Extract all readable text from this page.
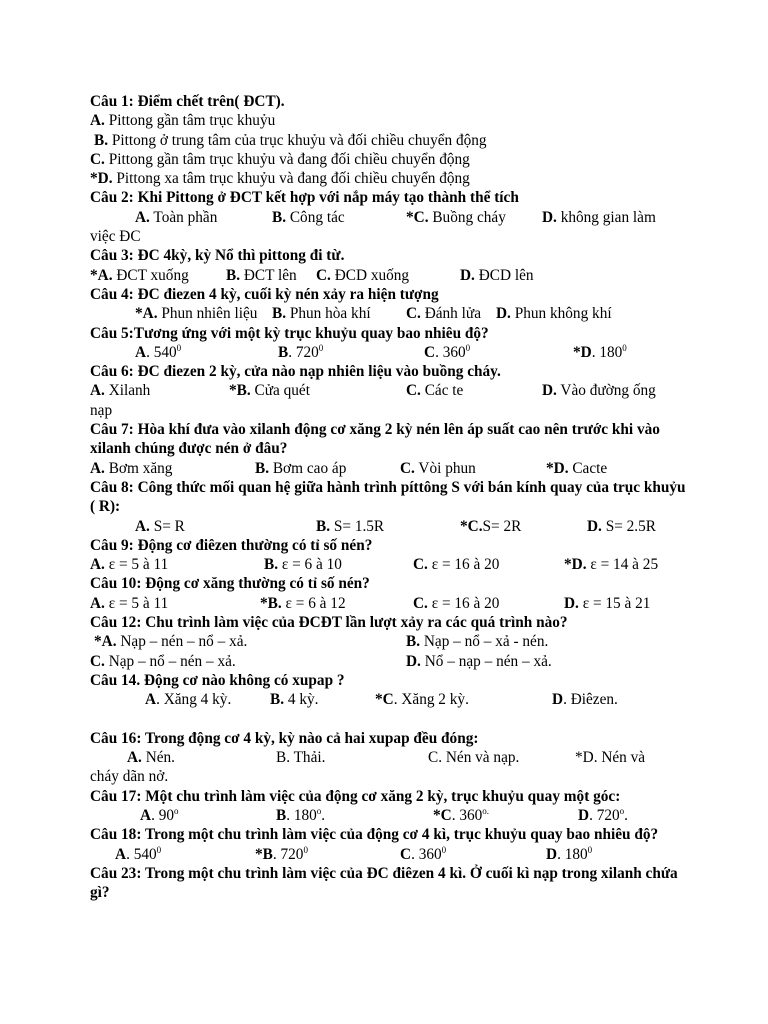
Câu 1: Điểm chết trên( ĐCT).
A. Pittong gần tâm trục khuỷu
B. Pittong ở trung tâm của trục khuỷu và đối chiều chuyển động
C. Pittong gần tâm trục khuỷu và đang đối chiều chuyển động
*D. Pittong xa tâm trục khuỷu và đang đối chiều chuyển động
Câu 2: Khi Pittong ở ĐCT kết hợp với nắp máy tạo thành thể tích
A. Toàn phần	B. Công tác	*C. Buồng cháy D. không gian làm
việc ĐC
Câu 3: ĐC 4kỳ, kỳ Nổ thì pittong đi từ.
*A. ĐCT xuống B. ĐCT lên C. ĐCD xuống	D. ĐCD lên
Câu 4: ĐC điezen 4 kỳ, cuối kỳ nén xảy ra hiện tượng
*A. Phun nhiên liệu B. Phun hòa khí C. Đánh lửa D. Phun không khí
Câu 5:Tương ứng với một kỳ trục khuỷu quay bao nhiêu độ?
A. $540^0$	B. $720^0$	C. $360^0$	*D. $180^0$
Câu 6: ĐC điezen 2 kỳ, cửa nào nạp nhiên liệu vào buồng cháy.
A. Xilanh	*B. Cửa quét	C. Các te	D. Vào đường ống
nạp
Câu 7: Hòa khí đưa vào xilanh động cơ xăng 2 kỳ nén lên áp suất cao nên trước khi vào xilanh chúng được nén ở đâu?
A. Bơm xăng	B. Bơm cao áp	C. Vòi phun	*D. Cacte
Câu 8: Công thức mối quan hệ giữa hành trình píttông S với bán kính quay của trục khuỷu ( R):
A. S= R	B. S= 1.5R	*C.S= 2R	D. S= 2.5R
Câu 9: Động cơ điêzen thường có tỉ số nén?
A. ε = 5 à 11	B. ε = 6 à 10	C. ε = 16 à 20	*D. ε = 14 à 25
Câu 10: Động cơ xăng thường có tỉ số nén?
A. ε = 5 à 11	*B. ε = 6 à 12	C. ε = 16 à 20	D. ε = 15 à 21
Câu 12: Chu trình làm việc của ĐCĐT lần lượt xảy ra các quá trình nào?
*A. Nạp – nén – nổ – xả.	B. Nạp – nổ – xả - nén.
C. Nạp – nổ – nén – xả.	D. Nổ – nạp – nén – xả.
Câu 14. Động cơ nào không có xupap ?
A. Xăng 4 kỳ.	B. 4 kỳ.	*C. Xăng 2 kỳ.	D. Điêzen.
Câu 16: Trong động cơ 4 kỳ, kỳ nào cả hai xupap đều đóng:
A. Nén.	B. Thải.	C. Nén và nạp.	*D. Nén và
cháy dãn nở.
Câu 17: Một chu trình làm việc của động cơ xăng 2 kỳ, trục khuỷu quay một góc:
A. 90$^o$	B. 180$^o$.	*C. $360^{o.}$	D. 720$^o$.
Câu 18: Trong một chu trình làm việc của động cơ 4 kì, trục khuỷu quay bao nhiêu độ?
A. $540^0$	*B. $720^0$	C. $360^0$	D. $180^0$
Câu 23: Trong một chu trình làm việc của ĐC điêzen 4 kì. Ở cuối kì nạp trong xilanh chứa gì?
